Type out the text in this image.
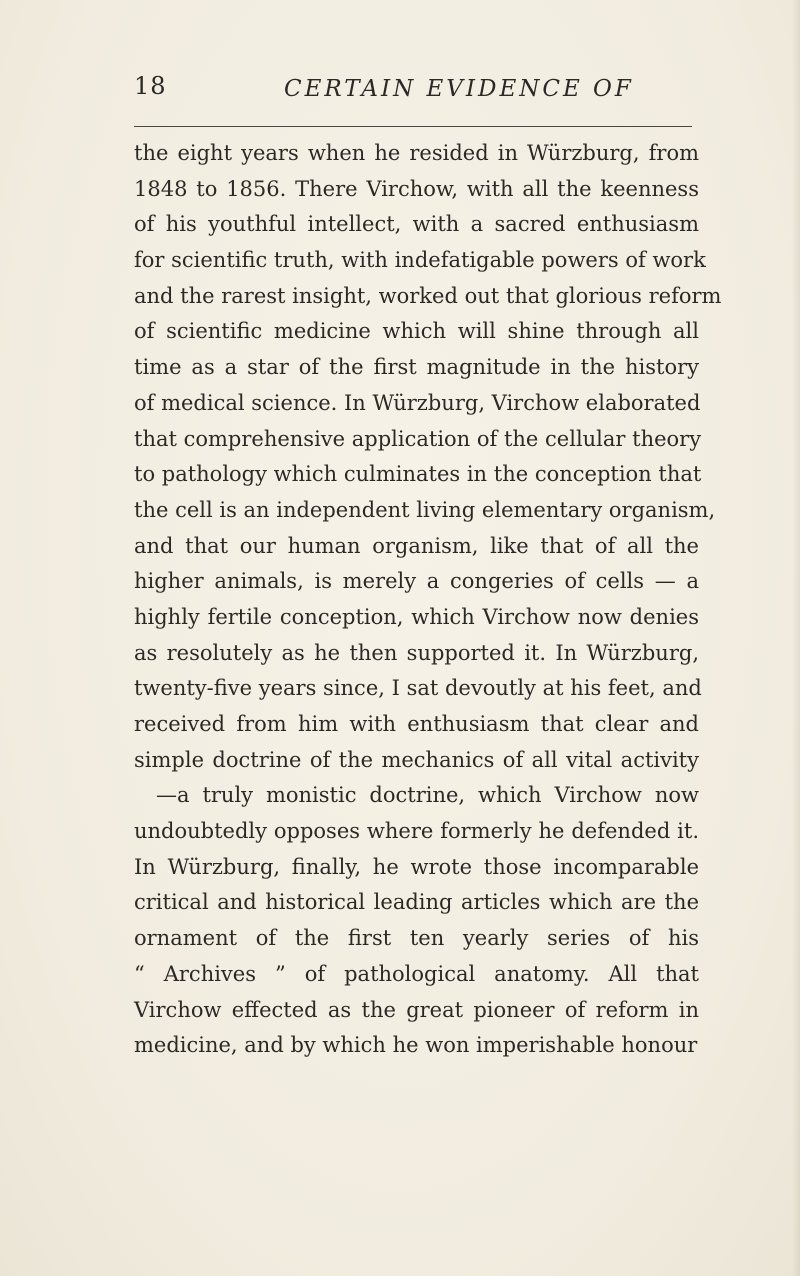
18	CERTAIN EVIDENCE OF
the eight years when he resided in Würzburg, from
1848 to 1856. There Virchow, with all the keenness
of his youthful intellect, with a sacred enthusiasm
for scientific truth, with indefatigable powers of work
and the rarest insight, worked out that glorious reform
of scientific medicine which will shine through all
time as a star of the first magnitude in the history
of medical science. In Würzburg, Virchow elaborated
that comprehensive application of the cellular theory
to pathology which culminates in the conception that
the cell is an independent living elementary organism,
and that our human organism, like that of all the
higher animals, is merely a congeries of cells — a
highly fertile conception, which Virchow now denies
as resolutely as he then supported it. In Würzburg,
twenty-five years since, I sat devoutly at his feet, and
received from him with enthusiasm that clear and
simple doctrine of the mechanics of all vital activity
—a truly monistic doctrine, which Virchow now
undoubtedly opposes where formerly he defended it.
In Würzburg, finally, he wrote those incomparable
critical and historical leading articles which are the
ornament of the first ten yearly series of his
“ Archives ” of pathological anatomy. All that
Virchow effected as the great pioneer of reform in
medicine, and by which he won imperishable honour
